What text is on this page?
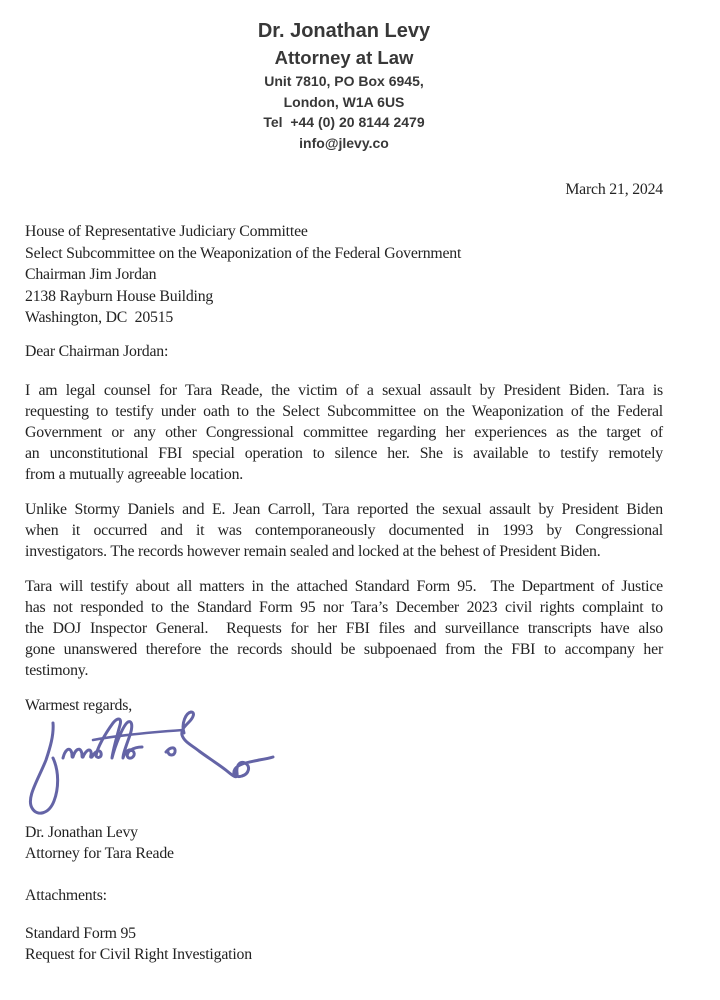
Dr. Jonathan Levy
Attorney at Law
Unit 7810, PO Box 6945,
London, W1A 6US
Tel  +44 (0) 20 8144 2479
info@jlevy.co
March 21, 2024
House of Representative Judiciary Committee
Select Subcommittee on the Weaponization of the Federal Government
Chairman Jim Jordan
2138 Rayburn House Building
Washington, DC  20515
Dear Chairman Jordan:
I am legal counsel for Tara Reade, the victim of a sexual assault by President Biden. Tara is
requesting to testify under oath to the Select Subcommittee on the Weaponization of the Federal
Government or any other Congressional committee regarding her experiences as the target of
an unconstitutional FBI special operation to silence her. She is available to testify remotely
from a mutually agreeable location.
Unlike Stormy Daniels and E. Jean Carroll, Tara reported the sexual assault by President Biden
when it occurred and it was contemporaneously documented in 1993 by Congressional
investigators. The records however remain sealed and locked at the behest of President Biden.
Tara will testify about all matters in the attached Standard Form 95.  The Department of Justice
has not responded to the Standard Form 95 nor Tara’s December 2023 civil rights complaint to
the DOJ Inspector General.  Requests for her FBI files and surveillance transcripts have also
gone unanswered therefore the records should be subpoenaed from the FBI to accompany her
testimony.
Warmest regards,
Dr. Jonathan Levy
Attorney for Tara Reade
Attachments:
Standard Form 95
Request for Civil Right Investigation
